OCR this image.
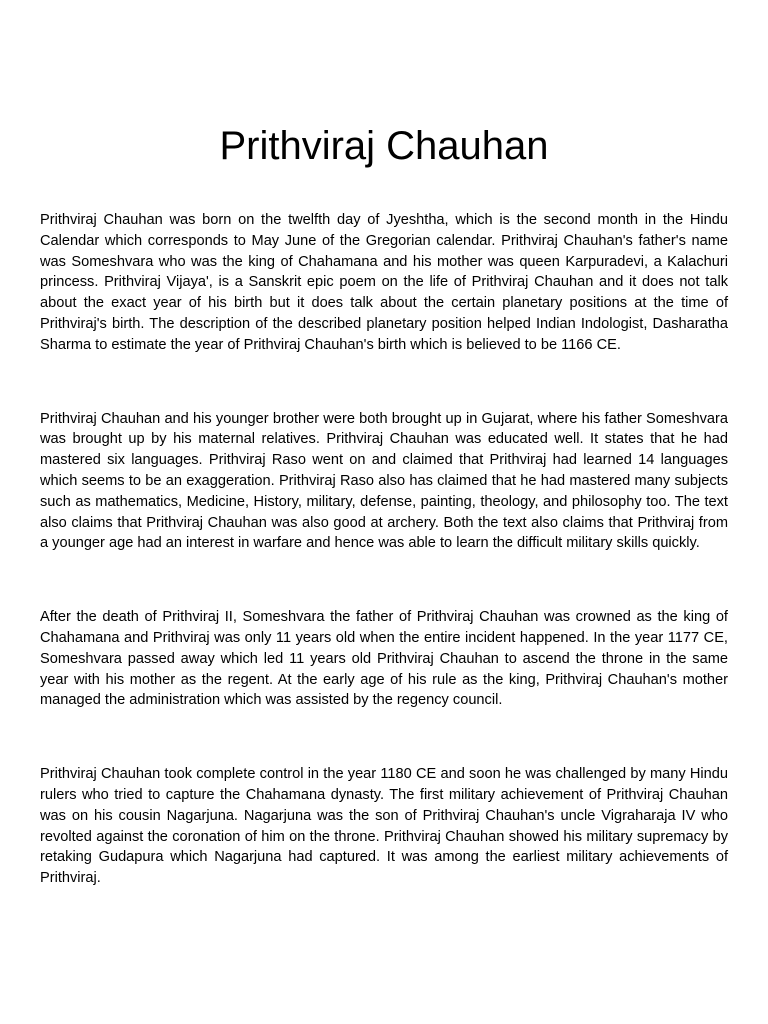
Prithviraj Chauhan

Prithviraj Chauhan was born on the twelfth day of Jyeshtha, which is the second month in the Hindu Calendar which corresponds to May June of the Gregorian calendar. Prithviraj Chauhan's father's name was Someshvara who was the king of Chahamana and his mother was queen Karpuradevi, a Kalachuri princess. Prithviraj Vijaya', is a Sanskrit epic poem on the life of Prithviraj Chauhan and it does not talk about the exact year of his birth but it does talk about the certain planetary positions at the time of Prithviraj's birth. The description of the described planetary position helped Indian Indologist, Dasharatha Sharma to estimate the year of Prithviraj Chauhan's birth which is believed to be 1166 CE.

Prithviraj Chauhan and his younger brother were both brought up in Gujarat, where his father Someshvara was brought up by his maternal relatives. Prithviraj Chauhan was educated well. It states that he had mastered six languages. Prithviraj Raso went on and claimed that Prithviraj had learned 14 languages which seems to be an exaggeration. Prithviraj Raso also has claimed that he had mastered many subjects such as mathematics, Medicine, History, military, defense, painting, theology, and philosophy too. The text also claims that Prithviraj Chauhan was also good at archery. Both the text also claims that Prithviraj from a younger age had an interest in warfare and hence was able to learn the difficult military skills quickly.

After the death of Prithviraj II, Someshvara the father of Prithviraj Chauhan was crowned as the king of Chahamana and Prithviraj was only 11 years old when the entire incident happened. In the year 1177 CE, Someshvara passed away which led 11 years old Prithviraj Chauhan to ascend the throne in the same year with his mother as the regent. At the early age of his rule as the king, Prithviraj Chauhan's mother managed the administration which was assisted by the regency council.

Prithviraj Chauhan took complete control in the year 1180 CE and soon he was challenged by many Hindu rulers who tried to capture the Chahamana dynasty. The first military achievement of Prithviraj Chauhan was on his cousin Nagarjuna. Nagarjuna was the son of Prithviraj Chauhan's uncle Vigraharaja IV who revolted against the coronation of him on the throne. Prithviraj Chauhan showed his military supremacy by retaking Gudapura which Nagarjuna had captured. It was among the earliest military achievements of Prithviraj.
